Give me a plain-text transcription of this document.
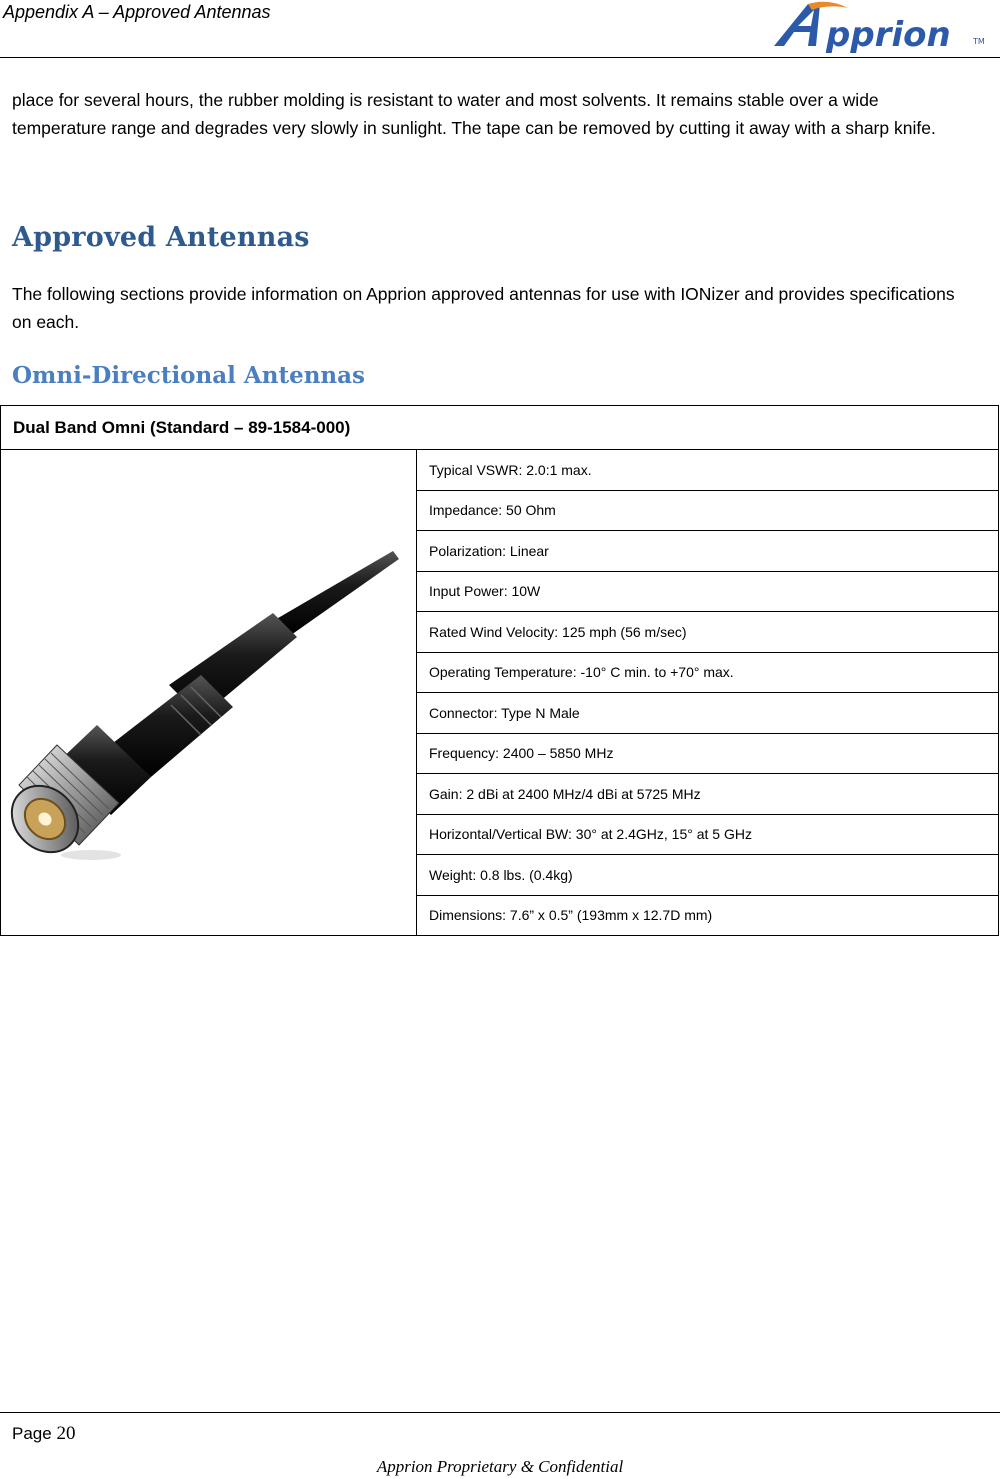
Appendix A – Approved Antennas
pprion	TM
place for several hours, the rubber molding is resistant to water and most solvents. It remains stable over a wide temperature range and degrades very slowly in sunlight. The tape can be removed by cutting it away with a sharp knife.
Approved Antennas
The following sections provide information on Apprion approved antennas for use with IONizer and provides specifications on each.
Omni-Directional Antennas
Dual Band Omni (Standard – 89-1584-000)
	Typical VSWR: 2.0:1 max.
Impedance: 50 Ohm
Polarization: Linear
Input Power: 10W
Rated Wind Velocity: 125 mph (56 m/sec)
Operating Temperature: -10° C min. to +70° max.
Connector: Type N Male
Frequency: 2400 – 5850 MHz
Gain: 2 dBi at 2400 MHz/4 dBi at 5725 MHz
Horizontal/Vertical BW: 30° at 2.4GHz, 15° at 5 GHz
Weight: 0.8 lbs. (0.4kg)
Dimensions: 7.6” x 0.5” (193mm x 12.7D mm)
Page 20
Apprion Proprietary & Confidential
